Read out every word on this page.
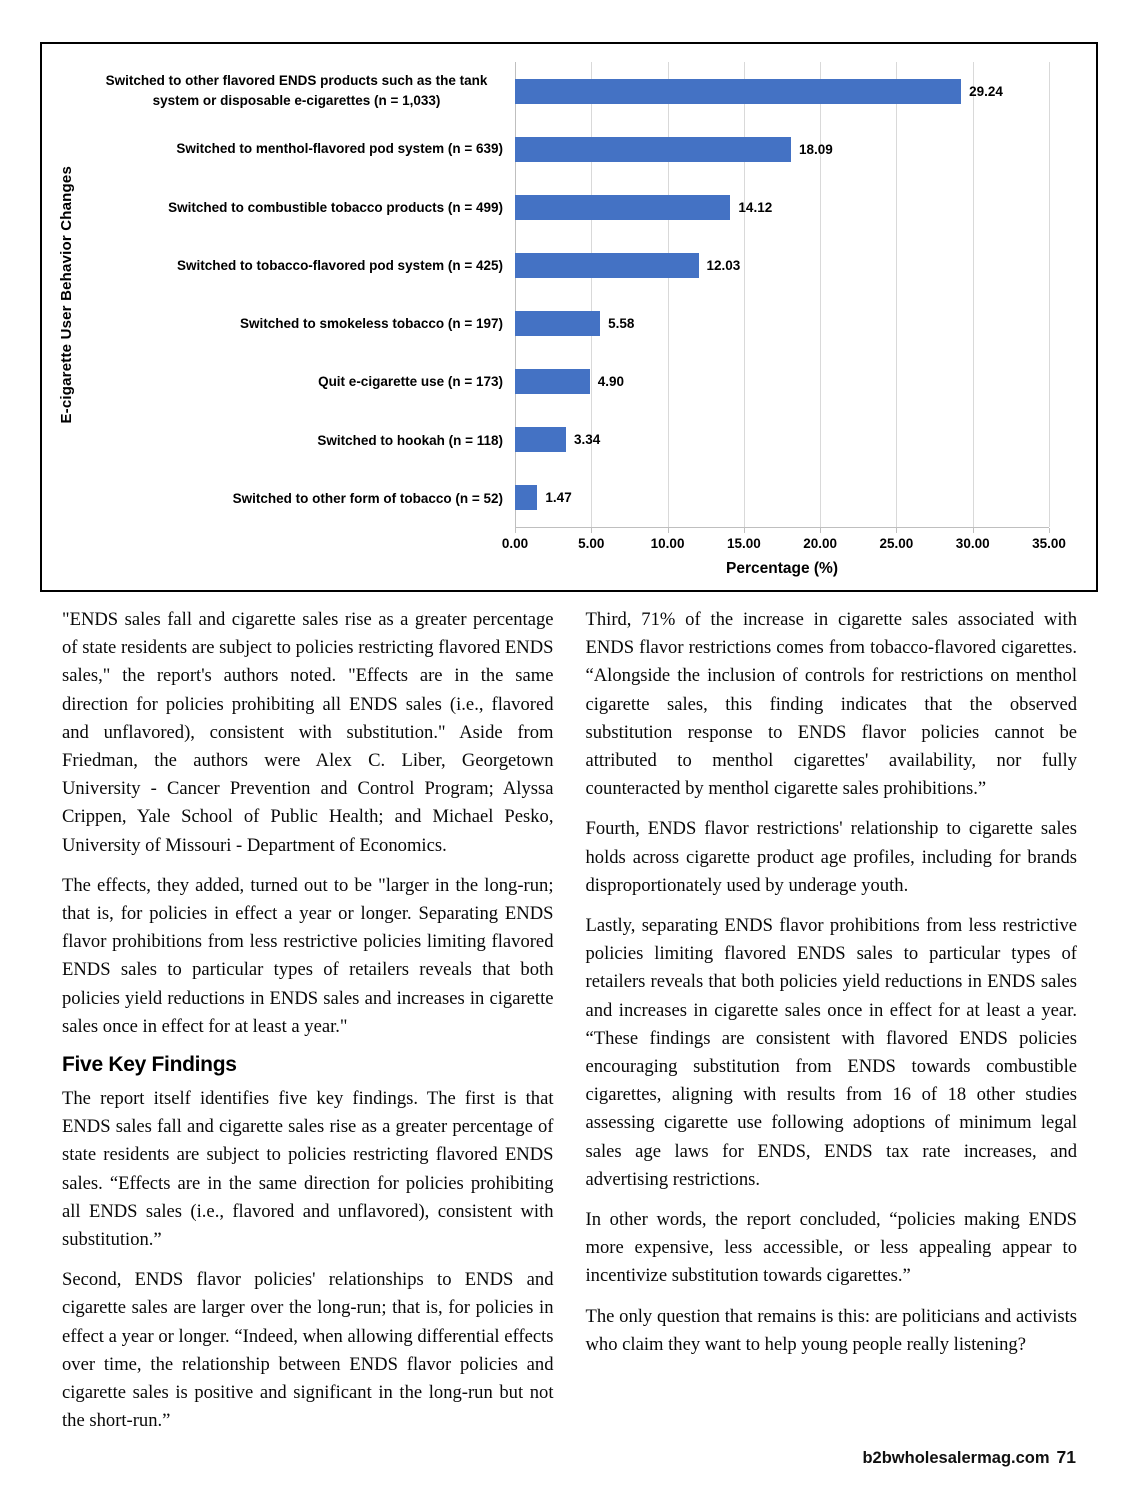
E-cigarette User Behavior Changes
Switched to other flavored ENDS products such as the tank system or disposable e-cigarettes (n = 1,033)
Switched to menthol-flavored pod system (n = 639)
Switched to combustible tobacco products (n = 499)
Switched to tobacco-flavored pod system (n = 425)
Switched to smokeless tobacco (n = 197)
Quit e-cigarette use (n = 173)
Switched to hookah (n = 118)
Switched to other form of tobacco (n = 52)
29.24
18.09
14.12
12.03
5.58
4.90
3.34
1.47
0.00	5.00	10.00	15.00	20.00	25.00	30.00	35.00
Percentage (%)

"ENDS sales fall and cigarette sales rise as a greater percentage of state residents are subject to policies restricting flavored ENDS sales," the report's authors noted. "Effects are in the same direction for policies prohibiting all ENDS sales (i.e., flavored and unflavored), consistent with substitution." Aside from Friedman, the authors were Alex C. Liber, Georgetown University - Cancer Prevention and Control Program; Alyssa Crippen, Yale School of Public Health; and Michael Pesko, University of Missouri - Department of Economics.

The effects, they added, turned out to be "larger in the long-run; that is, for policies in effect a year or longer. Separating ENDS flavor prohibitions from less restrictive policies limiting flavored ENDS sales to particular types of retailers reveals that both policies yield reductions in ENDS sales and increases in cigarette sales once in effect for at least a year."

Five Key Findings

The report itself identifies five key findings. The first is that ENDS sales fall and cigarette sales rise as a greater percentage of state residents are subject to policies restricting flavored ENDS sales. “Effects are in the same direction for policies prohibiting all ENDS sales (i.e., flavored and unflavored), consistent with substitution.”

Second, ENDS flavor policies' relationships to ENDS and cigarette sales are larger over the long-run; that is, for policies in effect a year or longer. “Indeed, when allowing differential effects over time, the relationship between ENDS flavor policies and cigarette sales is positive and significant in the long-run but not the short-run.”

Third, 71% of the increase in cigarette sales associated with ENDS flavor restrictions comes from tobacco-flavored cigarettes. “Alongside the inclusion of controls for restrictions on menthol cigarette sales, this finding indicates that the observed substitution response to ENDS flavor policies cannot be attributed to menthol cigarettes' availability, nor fully counteracted by menthol cigarette sales prohibitions.”

Fourth, ENDS flavor restrictions' relationship to cigarette sales holds across cigarette product age profiles, including for brands disproportionately used by underage youth.

Lastly, separating ENDS flavor prohibitions from less restrictive policies limiting flavored ENDS sales to particular types of retailers reveals that both policies yield reductions in ENDS sales and increases in cigarette sales once in effect for at least a year. “These findings are consistent with flavored ENDS policies encouraging substitution from ENDS towards combustible cigarettes, aligning with results from 16 of 18 other studies assessing cigarette use following adoptions of minimum legal sales age laws for ENDS, ENDS tax rate increases, and advertising restrictions.

In other words, the report concluded, “policies making ENDS more expensive, less accessible, or less appealing appear to incentivize substitution towards cigarettes.”

The only question that remains is this: are politicians and activists who claim they want to help young people really listening?

b2bwholesalermag.com 71
